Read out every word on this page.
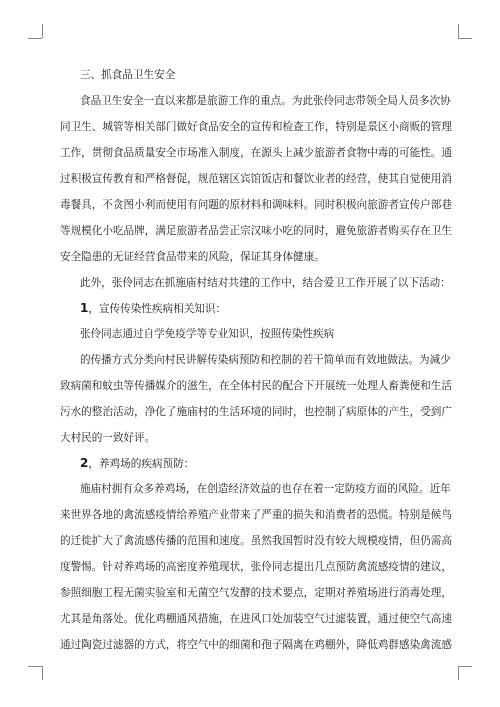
三、抓食品卫生安全
食品卫生安全一直以来都是旅游工作的重点。为此张伶同志带领全局人员多次协
同卫生、城管等相关部门做好食品安全的宣传和检查工作，特别是景区小商贩的管理
工作，贯彻食品质量安全市场准入制度，在源头上减少旅游者食物中毒的可能性。通
过积极宣传教育和严格督促，规范辖区宾馆饭店和餐饮业者的经营，使其自觉使用消
毒餐具，不贪图小利而使用有问题的原材料和调味料。同时积极向旅游者宣传户部巷
等规模化小吃品牌，满足旅游者品尝正宗汉味小吃的同时，避免旅游者购买存在卫生
安全隐患的无证经营食品带来的风险，保证其身体健康。
此外，张伶同志在抓施庙村结对共建的工作中，结合爱卫工作开展了以下活动：
1，宣传传染性疾病相关知识：
张伶同志通过自学免疫学等专业知识，按照传染性疾病
的传播方式分类向村民讲解传染病预防和控制的若干简单而有效地做法。为减少
致病菌和蚊虫等传播媒介的滋生，在全体村民的配合下开展统一处理人畜粪便和生活
污水的整治活动，净化了施庙村的生活环境的同时，也控制了病原体的产生，受到广
大村民的一致好评。
2，养鸡场的疾病预防：
施庙村拥有众多养鸡场，在创造经济效益的也存在着一定防疫方面的风险。近年
来世界各地的禽流感疫情给养殖产业带来了严重的损失和消费者的恐慌。特别是候鸟
的迁徙扩大了禽流感传播的范围和速度。虽然我国暂时没有较大规模疫情，但仍需高
度警惕。针对养鸡场的高密度养殖现状，张伶同志提出几点预防禽流感疫情的建议，
参照细胞工程无菌实验室和无菌空气发酵的技术要点，定期对养殖场进行消毒处理，
尤其是角落处。优化鸡棚通风措施，在进风口处加装空气过滤装置，通过使空气高速
通过陶瓷过滤器的方式，将空气中的细菌和孢子隔离在鸡棚外，降低鸡群感染禽流感
